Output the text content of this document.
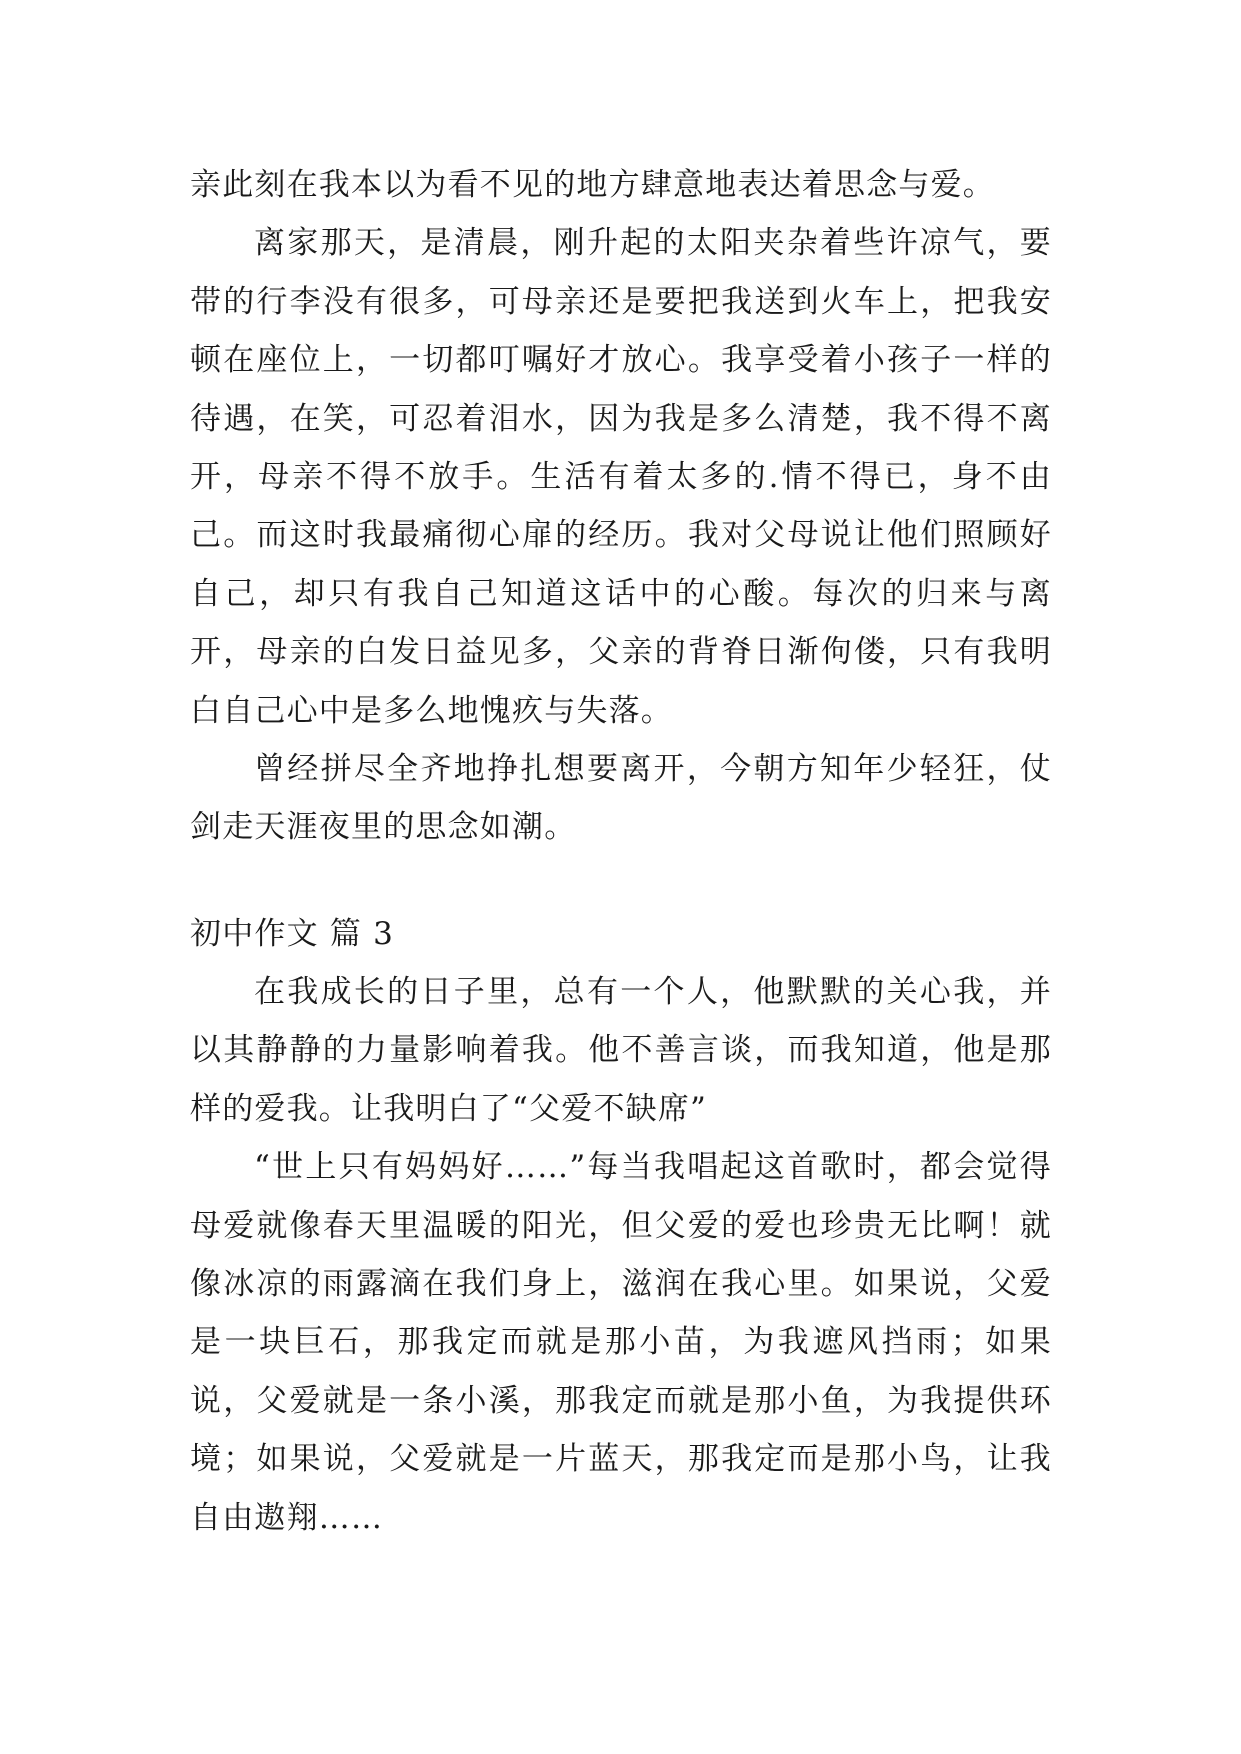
亲此刻在我本以为看不见的地方肆意地表达着思念与爱。

离家那天，是清晨，刚升起的太阳夹杂着些许凉气，要带的行李没有很多，可母亲还是要把我送到火车上，把我安顿在座位上，一切都叮嘱好才放心。我享受着小孩子一样的待遇，在笑，可忍着泪水，因为我是多么清楚，我不得不离开，母亲不得不放手。生活有着太多的.情不得已，身不由己。而这时我最痛彻心扉的经历。我对父母说让他们照顾好自己，却只有我自己知道这话中的心酸。每次的归来与离开，母亲的白发日益见多，父亲的背脊日渐佝偻，只有我明白自己心中是多么地愧疚与失落。

曾经拼尽全齐地挣扎想要离开，今朝方知年少轻狂，仗剑走天涯夜里的思念如潮。

初中作文 篇 3

在我成长的日子里，总有一个人，他默默的关心我，并以其静静的力量影响着我。他不善言谈，而我知道，他是那样的爱我。让我明白了“父爱不缺席”

“世上只有妈妈好……”每当我唱起这首歌时，都会觉得母爱就像春天里温暖的阳光，但父爱的爱也珍贵无比啊！就像冰凉的雨露滴在我们身上，滋润在我心里。如果说，父爱是一块巨石，那我定而就是那小苗，为我遮风挡雨；如果说，父爱就是一条小溪，那我定而就是那小鱼，为我提供环境；如果说，父爱就是一片蓝天，那我定而是那小鸟，让我自由遨翔……
